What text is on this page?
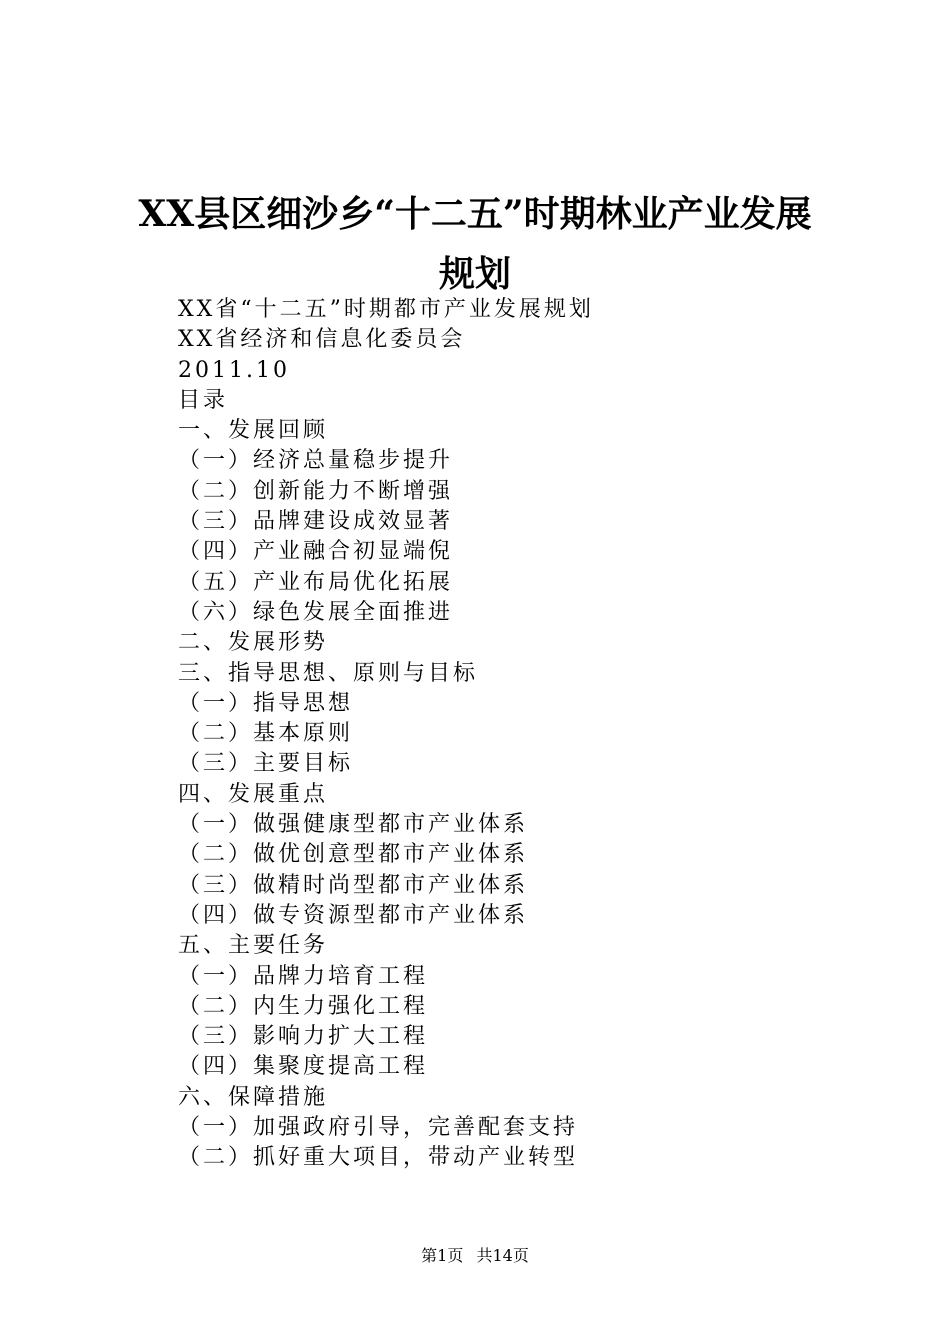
XX县区细沙乡“十二五”时期林业产业发展
规划
XX省“十二五”时期都市产业发展规划
XX省经济和信息化委员会
2011.10
目录
一、发展回顾
（一）经济总量稳步提升
（二）创新能力不断增强
（三）品牌建设成效显著
（四）产业融合初显端倪
（五）产业布局优化拓展
（六）绿色发展全面推进
二、发展形势
三、指导思想、原则与目标
（一）指导思想
（二）基本原则
（三）主要目标
四、发展重点
（一）做强健康型都市产业体系
（二）做优创意型都市产业体系
（三）做精时尚型都市产业体系
（四）做专资源型都市产业体系
五、主要任务
（一）品牌力培育工程
（二）内生力强化工程
（三）影响力扩大工程
（四）集聚度提高工程
六、保障措施
（一）加强政府引导，完善配套支持
（二）抓好重大项目，带动产业转型
第1页 共14页
